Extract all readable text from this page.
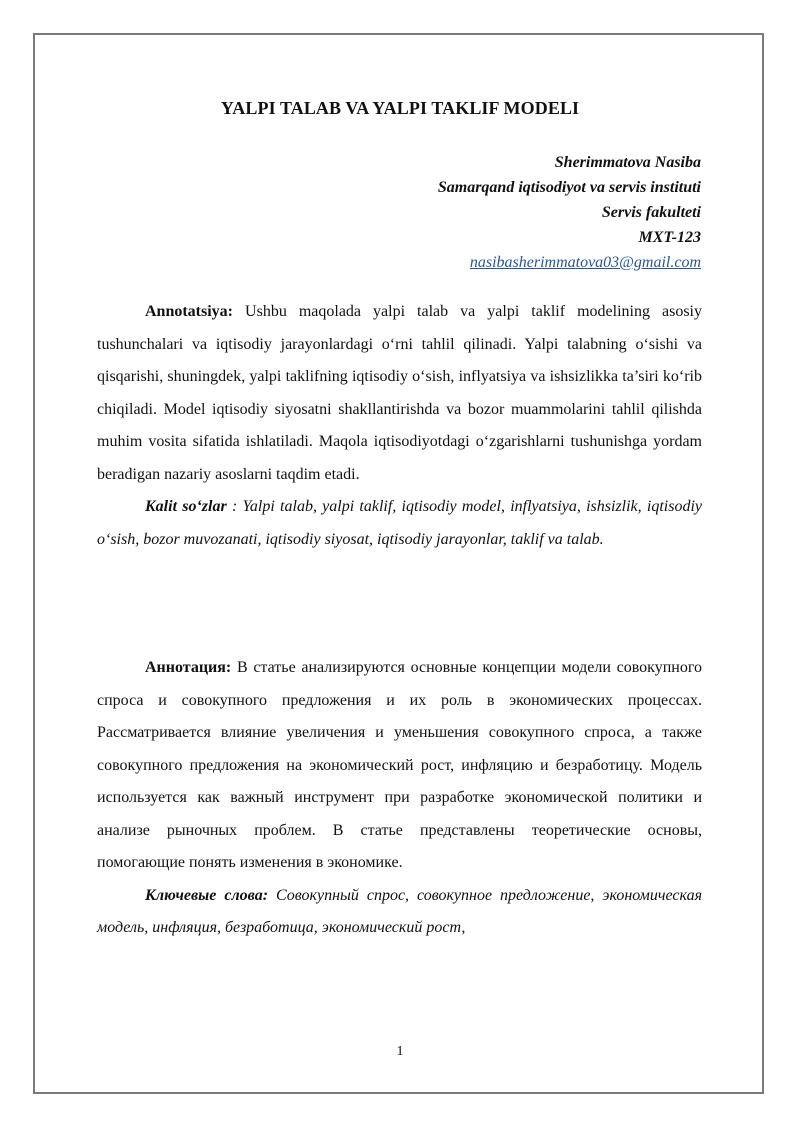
YALPI TALAB VA YALPI TAKLIF MODELI
Sherimmatova Nasiba
Samarqand iqtisodiyot va servis instituti
Servis fakulteti
MXT-123
nasibasherimmatova03@gmail.com

Annotatsiya: Ushbu maqolada yalpi talab va yalpi taklif modelining asosiy tushunchalari va iqtisodiy jarayonlardagi o‘rni tahlil qilinadi. Yalpi talabning o‘sishi va qisqarishi, shuningdek, yalpi taklifning iqtisodiy o‘sish, inflyatsiya va ishsizlikka ta’siri ko‘rib chiqiladi. Model iqtisodiy siyosatni shakllantirishda va bozor muammolarini tahlil qilishda muhim vosita sifatida ishlatiladi. Maqola iqtisodiyotdagi o‘zgarishlarni tushunishga yordam beradigan nazariy asoslarni taqdim etadi.

Kalit so‘zlar : Yalpi talab, yalpi taklif, iqtisodiy model, inflyatsiya, ishsizlik, iqtisodiy o‘sish, bozor muvozanati, iqtisodiy siyosat, iqtisodiy jarayonlar, taklif va talab.

Аннотация: В статье анализируются основные концепции модели совокупного спроса и совокупного предложения и их роль в экономических процессах. Рассматривается влияние увеличения и уменьшения совокупного спроса, а также совокупного предложения на экономический рост, инфляцию и безработицу. Модель используется как важный инструмент при разработке экономической политики и анализе рыночных проблем. В статье представлены теоретические основы, помогающие понять изменения в экономике.

Ключевые слова: Совокупный спрос, совокупное предложение, экономическая модель, инфляция, безработица, экономический рост,

1
